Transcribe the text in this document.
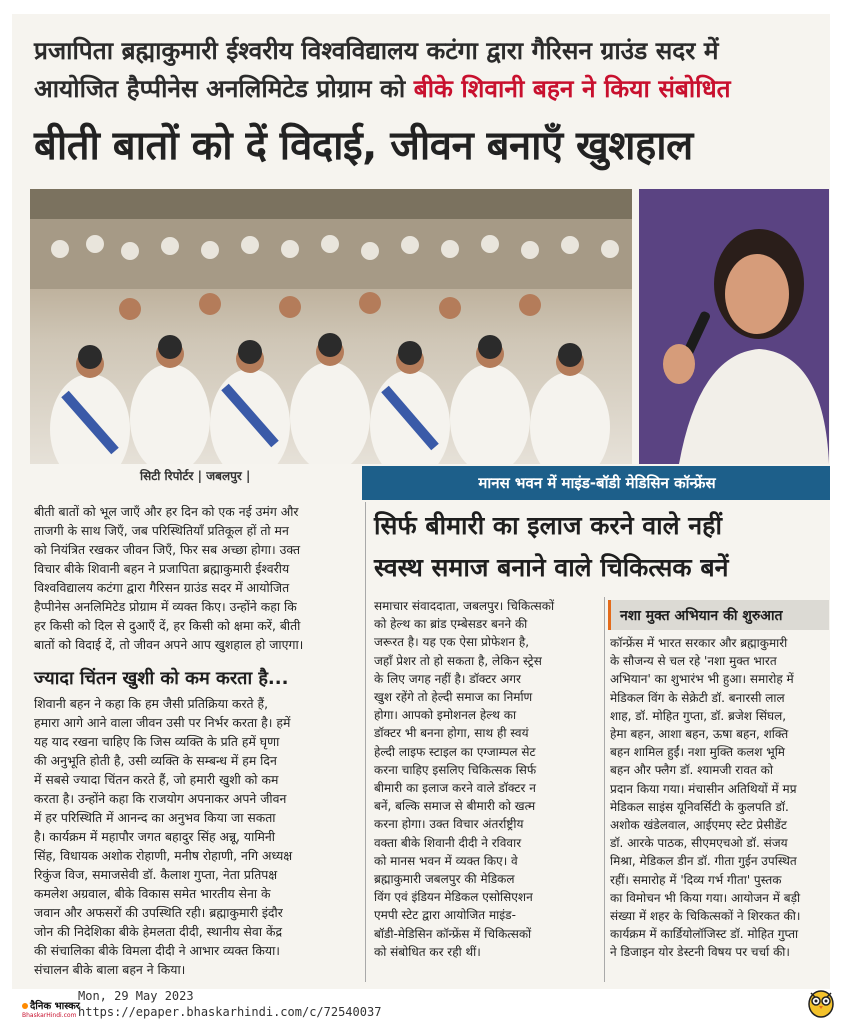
प्रजापिता ब्रह्माकुमारी ईश्वरीय विश्वविद्यालय कटंगा द्वारा गैरिसन ग्राउंड सदर में
आयोजित हैप्पीनेस अनलिमिटेड प्रोग्राम को बीके शिवानी बहन ने किया संबोधित
बीती बातों को दें विदाई, जीवन बनाएँ खुशहाल
सिटी रिपोर्टर | जबलपुर |	मानस भवन में माइंड-बॉडी मेडिसिन कॉन्फ्रेंस
बीती बातों को भूल जाएँ और हर दिन को एक नई उमंग और
ताजगी के साथ जिएँ, जब परिस्थितियाँ प्रतिकूल हों तो मन
को नियंत्रित रखकर जीवन जिएँ, फिर सब अच्छा होगा। उक्त
विचार बीके शिवानी बहन ने प्रजापिता ब्रह्माकुमारी ईश्वरीय
विश्वविद्यालय कटंगा द्वारा गैरिसन ग्राउंड सदर में आयोजित
हैप्पीनेस अनलिमिटेड प्रोग्राम में व्यक्त किए। उन्होंने कहा कि
हर किसी को दिल से दुआएँ दें, हर किसी को क्षमा करें, बीती
बातों को विदाई दें, तो जीवन अपने आप खुशहाल हो जाएगा।
ज्यादा चिंतन खुशी को कम करता है...
शिवानी बहन ने कहा कि हम जैसी प्रतिक्रिया करते हैं,
हमारा आगे आने वाला जीवन उसी पर निर्भर करता है। हमें
यह याद रखना चाहिए कि जिस व्यक्ति के प्रति हमें घृणा
की अनुभूति होती है, उसी व्यक्ति के सम्बन्ध में हम दिन
में सबसे ज्यादा चिंतन करते हैं, जो हमारी खुशी को कम
करता है। उन्होंने कहा कि राजयोग अपनाकर अपने जीवन
में हर परिस्थिति में आनन्द का अनुभव किया जा सकता
है। कार्यक्रम में महापौर जगत बहादुर सिंह अन्नू, यामिनी
सिंह, विधायक अशोक रोहाणी, मनीष रोहाणी, नगि अध्यक्ष
रिकुंज विज, समाजसेवी डॉ. कैलाश गुप्ता, नेता प्रतिपक्ष
कमलेश अग्रवाल, बीके विकास समेत भारतीय सेना के
जवान और अफसरों की उपस्थिति रही। ब्रह्माकुमारी इंदौर
जोन की निदेशिका बीके हेमलता दीदी, स्थानीय सेवा केंद्र
की संचालिका बीके विमला दीदी ने आभार व्यक्त किया।
संचालन बीके बाला बहन ने किया।
सिर्फ बीमारी का इलाज करने वाले नहीं
स्वस्थ समाज बनाने वाले चिकित्सक बनें
समाचार संवाददाता, जबलपुर। चिकित्सकों
को हेल्थ का ब्रांड एम्बेसडर बनने की
जरूरत है। यह एक ऐसा प्रोफेशन है,
जहाँ प्रेशर तो हो सकता है, लेकिन स्ट्रेस
के लिए जगह नहीं है। डॉक्टर अगर
खुश रहेंगे तो हेल्दी समाज का निर्माण
होगा। आपको इमोशनल हेल्थ का
डॉक्टर भी बनना होगा, साथ ही स्वयं
हेल्दी लाइफ स्टाइल का एग्जाम्पल सेट
करना चाहिए इसलिए चिकित्सक सिर्फ
बीमारी का इलाज करने वाले डॉक्टर न
बनें, बल्कि समाज से बीमारी को खत्म
करना होगा। उक्त विचार अंतर्राष्ट्रीय
वक्ता बीके शिवानी दीदी ने रविवार
को मानस भवन में व्यक्त किए। वे
ब्रह्माकुमारी जबलपुर की मेडिकल
विंग एवं इंडियन मेडिकल एसोसिएशन
एमपी स्टेट द्वारा आयोजित माइंड-
बॉडी-मेडिसिन कॉन्फ्रेंस में चिकित्सकों
को संबोधित कर रही थीं।
नशा मुक्त अभियान की शुरुआत
कॉन्फ्रेंस में भारत सरकार और ब्रह्माकुमारी
के सौजन्य से चल रहे 'नशा मुक्त भारत
अभियान' का शुभारंभ भी हुआ। समारोह में
मेडिकल विंग के सेक्रेटी डॉ. बनारसी लाल
शाह, डॉ. मोहित गुप्ता, डॉ. ब्रजेश सिंघल,
हेमा बहन, आशा बहन, ऊषा बहन, शक्ति
बहन शामिल हुईं। नशा मुक्ति कलश भूमि
बहन और फ्लैग डॉ. श्यामजी रावत को
प्रदान किया गया। मंचासीन अतिथियों में मप्र
मेडिकल साइंस यूनिवर्सिटी के कुलपति डॉ.
अशोक खंडेलवाल, आईएमए स्टेट प्रेसीडेंट
डॉ. आरके पाठक, सीएमएचओ डॉ. संजय
मिश्रा, मेडिकल डीन डॉ. गीता गुईन उपस्थित
रहीं। समारोह में 'दिव्य गर्भ गीता' पुस्तक
का विमोचन भी किया गया। आयोजन में बड़ी
संख्या में शहर के चिकित्सकों ने शिरकत की।
कार्यक्रम में कार्डियोलॉजिस्ट डॉ. मोहित गुप्ता
ने डिजाइन योर डेस्टनी विषय पर चर्चा की।
दैनिक भास्कर
BhaskarHindi.com
Mon, 29 May 2023
https://epaper.bhaskarhindi.com/c/72540037
